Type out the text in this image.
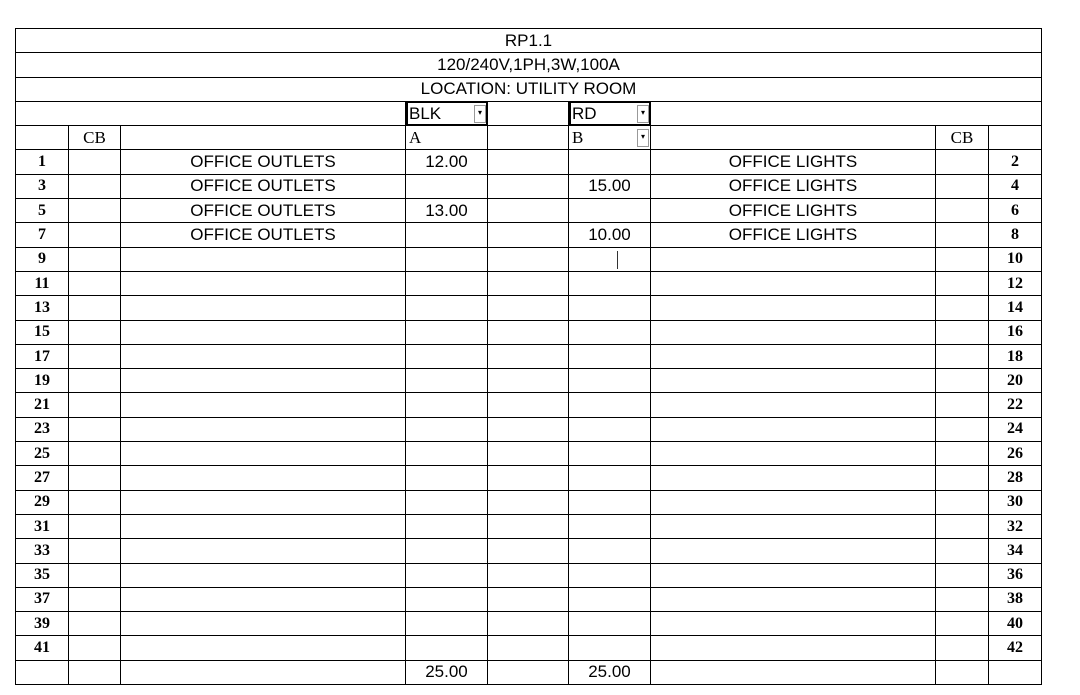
RP1.1								
120/240V,1PH,3W,100A								
LOCATION: UTILITY ROOM								
			BLK ▾		RD ▾			

	CB		A		B ▾		CB	
1		OFFICE OUTLETS	12.00			OFFICE LIGHTS		2
3		OFFICE OUTLETS			15.00	OFFICE LIGHTS		4
5		OFFICE OUTLETS	13.00			OFFICE LIGHTS		6
7		OFFICE OUTLETS			10.00	OFFICE LIGHTS		8
9								10
11								12
13								14
15								16
17								18
19								20
21								22
23								24
25								26
27								28
29								30
31								32
33								34
35								36
37								38
39								40
41								42
			25.00		25.00			
